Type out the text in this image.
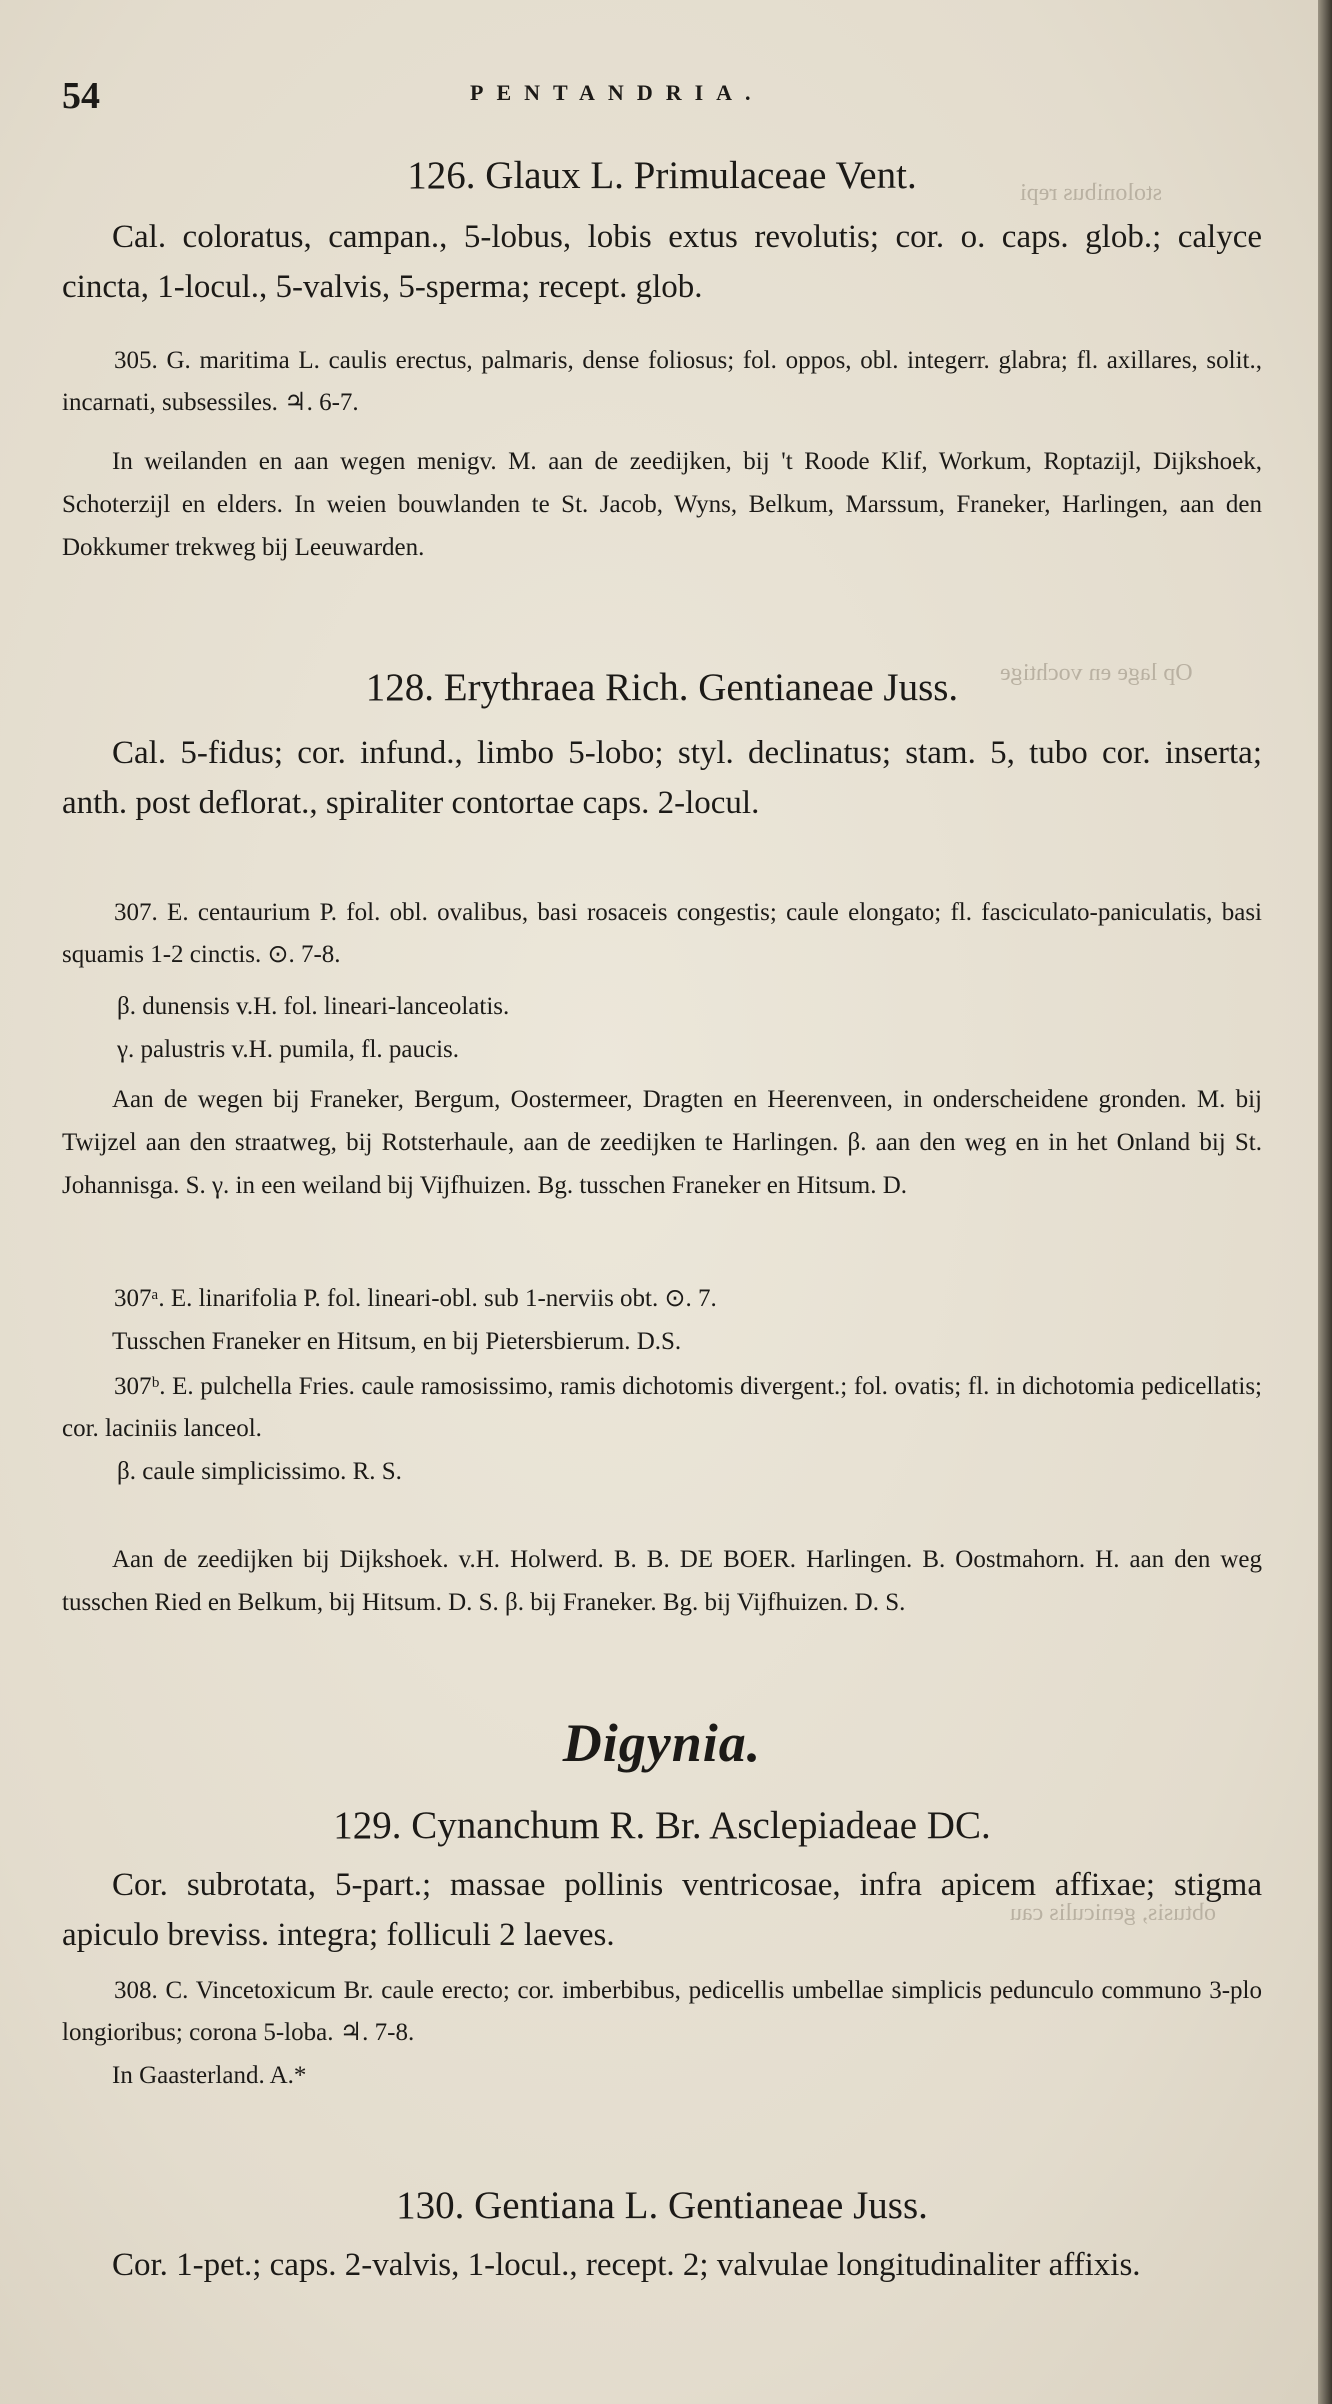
stolonibus repi
Op lage en vochtige
obtusis, geniculis cau
54	PENTANDRIA.

126. Glaux L. Primulaceae Vent.

Cal. coloratus, campan., 5-lobus, lobis extus revolutis; cor. o. caps. glob.; calyce cincta, 1-locul., 5-valvis, 5-sperma; recept. glob.

305. G. maritima L. caulis erectus, palmaris, dense foliosus; fol. oppos, obl. integerr. glabra; fl. axillares, solit., incarnati, subsessiles. ♃. 6-7.

In weilanden en aan wegen menigv. M. aan de zeedijken, bij 't Roode Klif, Workum, Roptazijl, Dijkshoek, Schoterzijl en elders. In weien bouwlanden te St. Jacob, Wyns, Belkum, Marssum, Franeker, Harlingen, aan den Dokkumer trekweg bij Leeuwarden.

128. Erythraea Rich. Gentianeae Juss.

Cal. 5-fidus; cor. infund., limbo 5-lobo; styl. declinatus; stam. 5, tubo cor. inserta; anth. post deflorat., spiraliter contortae caps. 2-locul.

307. E. centaurium P. fol. obl. ovalibus, basi rosaceis congestis; caule elongato; fl. fasciculato-paniculatis, basi squamis 1-2 cinctis. ⊙. 7-8.

β. dunensis v.H. fol. lineari-lanceolatis.

γ. palustris v.H. pumila, fl. paucis.

Aan de wegen bij Franeker, Bergum, Oostermeer, Dragten en Heerenveen, in onderscheidene gronden. M. bij Twijzel aan den straatweg, bij Rotsterhaule, aan de zeedijken te Harlingen. β. aan den weg en in het Onland bij St. Johannisga. S. γ. in een weiland bij Vijfhuizen. Bg. tusschen Franeker en Hitsum. D.

307ᵃ. E. linarifolia P. fol. lineari-obl. sub 1-nerviis obt. ⊙. 7.

Tusschen Franeker en Hitsum, en bij Pietersbierum. D.S.

307ᵇ. E. pulchella Fries. caule ramosissimo, ramis dichotomis divergent.; fol. ovatis; fl. in dichotomia pedicellatis; cor. laciniis lanceol.

β. caule simplicissimo. R. S.

Aan de zeedijken bij Dijkshoek. v.H. Holwerd. B. B. DE BOER. Harlingen. B. Oostmahorn. H. aan den weg tusschen Ried en Belkum, bij Hitsum. D. S. β. bij Franeker. Bg. bij Vijfhuizen. D. S.

Digynia.

129. Cynanchum R. Br. Asclepiadeae DC.

Cor. subrotata, 5-part.; massae pollinis ventricosae, infra apicem affixae; stigma apiculo breviss. integra; folliculi 2 laeves.

308. C. Vincetoxicum Br. caule erecto; cor. imberbibus, pedicellis umbellae simplicis pedunculo communo 3-plo longioribus; corona 5-loba. ♃. 7-8.

In Gaasterland. A.*

130. Gentiana L. Gentianeae Juss.

Cor. 1-pet.; caps. 2-valvis, 1-locul., recept. 2; valvulae longitudinaliter affixis.
